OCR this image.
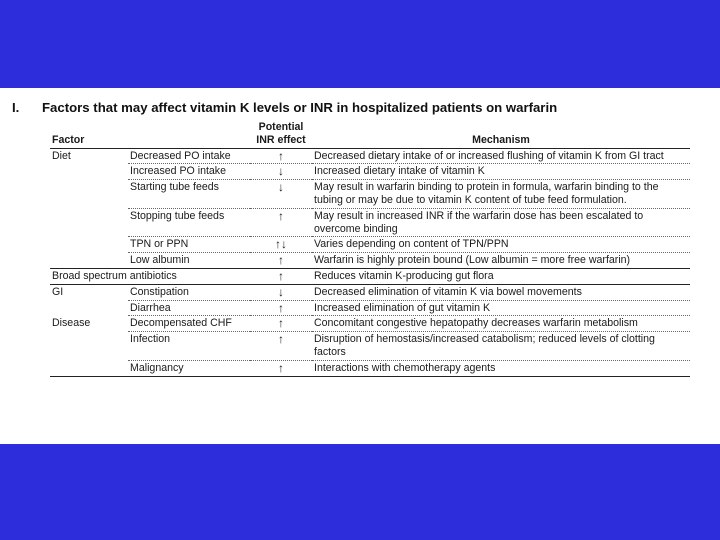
I. Factors that may affect vitamin K levels or INR in hospitalized patients on warfarin
Factor		Potential INR effect	Mechanism
Diet	Decreased PO intake	↑	Decreased dietary intake of or increased flushing of vitamin K from GI tract
	Increased PO intake	↓	Increased dietary intake of vitamin K
	Starting tube feeds	↓	May result in warfarin binding to protein in formula, warfarin binding to the tubing or may be due to vitamin K content of tube feed formulation.
	Stopping tube feeds	↑	May result in increased INR if the warfarin dose has been escalated to overcome binding
	TPN or PPN	↑↓	Varies depending on content of TPN/PPN
	Low albumin	↑	Warfarin is highly protein bound (Low albumin = more free warfarin)
Broad spectrum antibiotics		↑	Reduces vitamin K-producing gut flora
GI	Constipation	↓	Decreased elimination of vitamin K via bowel movements
	Diarrhea	↑	Increased elimination of gut vitamin K
Disease	Decompensated CHF	↑	Concomitant congestive hepatopathy decreases warfarin metabolism
	Infection	↑	Disruption of hemostasis/increased catabolism; reduced levels of clotting factors
	Malignancy	↑	Interactions with chemotherapy agents
